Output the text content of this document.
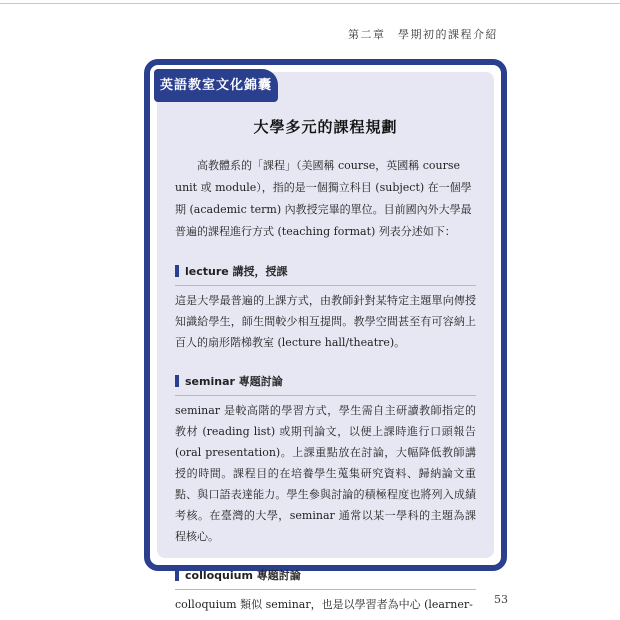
第二章　學期初的課程介紹
大學多元的課程規劃

高教體系的「課程」（美國稱 course，英國稱 course unit 或 module），指的是一個獨立科目 (subject) 在一個學期 (academic term) 內教授完畢的單位。目前國內外大學最普遍的課程進行方式 (teaching format) 列表分述如下：

lecture 講授，授課

這是大學最普遍的上課方式，由教師針對某特定主題單向傳授知識給學生，師生間較少相互提問。教學空間甚至有可容納上百人的扇形階梯教室 (lecture hall/theatre)。

seminar 專題討論

seminar 是較高階的學習方式，學生需自主研讀教師指定的教材 (reading list) 或期刊論文，以便上課時進行口頭報告 (oral presentation)。上課重點放在討論，大幅降低教師講授的時間。課程目的在培養學生蒐集研究資料、歸納論文重點、與口語表達能力。學生參與討論的積極程度也將列入成績考核。在臺灣的大學，seminar 通常以某一學科的主題為課程核心。

colloquium 專題討論

colloquium 類似 seminar，也是以學習者為中心 (learner-

英語教室文化錦囊
53
